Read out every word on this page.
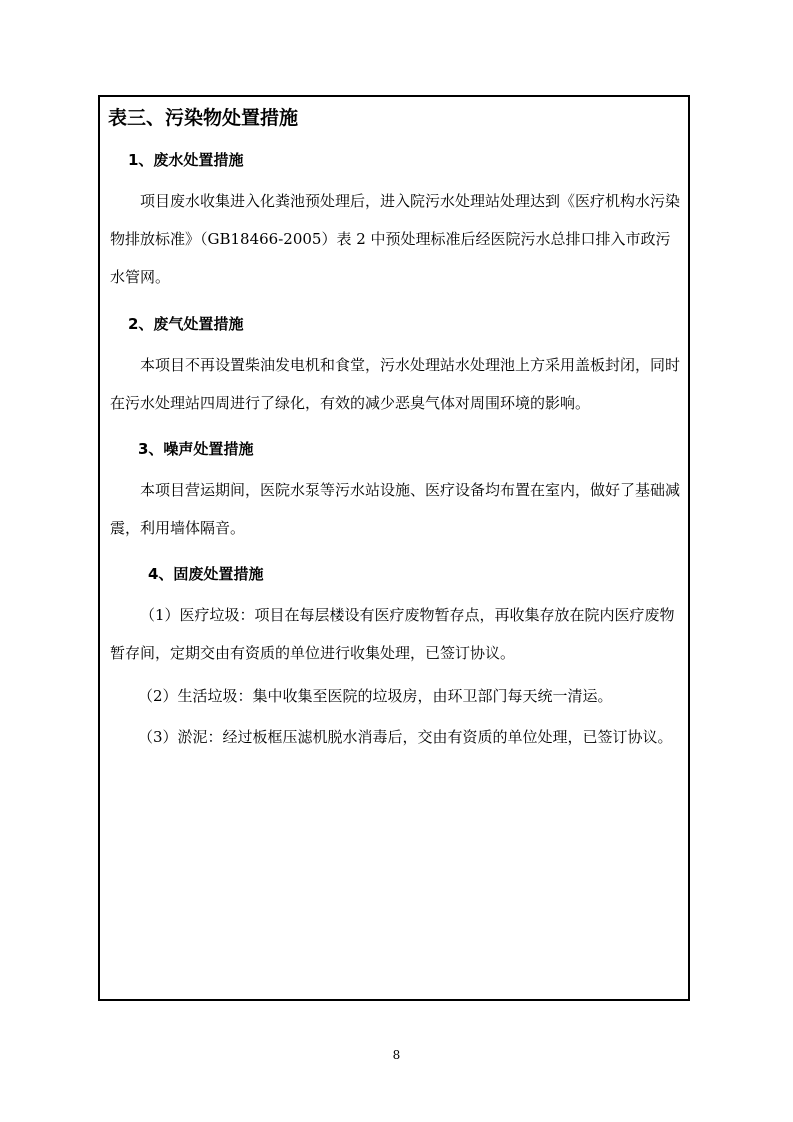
表三、污染物处置措施
1、废水处置措施
项目废水收集进入化粪池预处理后，进入院污水处理站处理达到《医疗机构水污染物排放标准》（GB18466-2005）表 2 中预处理标准后经医院污水总排口排入市政污水管网。
2、废气处置措施
本项目不再设置柴油发电机和食堂，污水处理站水处理池上方采用盖板封闭，同时在污水处理站四周进行了绿化，有效的减少恶臭气体对周围环境的影响。
3、噪声处置措施
本项目营运期间，医院水泵等污水站设施、医疗设备均布置在室内，做好了基础减震，利用墙体隔音。
4、固废处置措施
（1）医疗垃圾：项目在每层楼设有医疗废物暂存点，再收集存放在院内医疗废物暂存间，定期交由有资质的单位进行收集处理，已签订协议。
（2）生活垃圾：集中收集至医院的垃圾房，由环卫部门每天统一清运。
（3）淤泥：经过板框压滤机脱水消毒后，交由有资质的单位处理，已签订协议。
8
